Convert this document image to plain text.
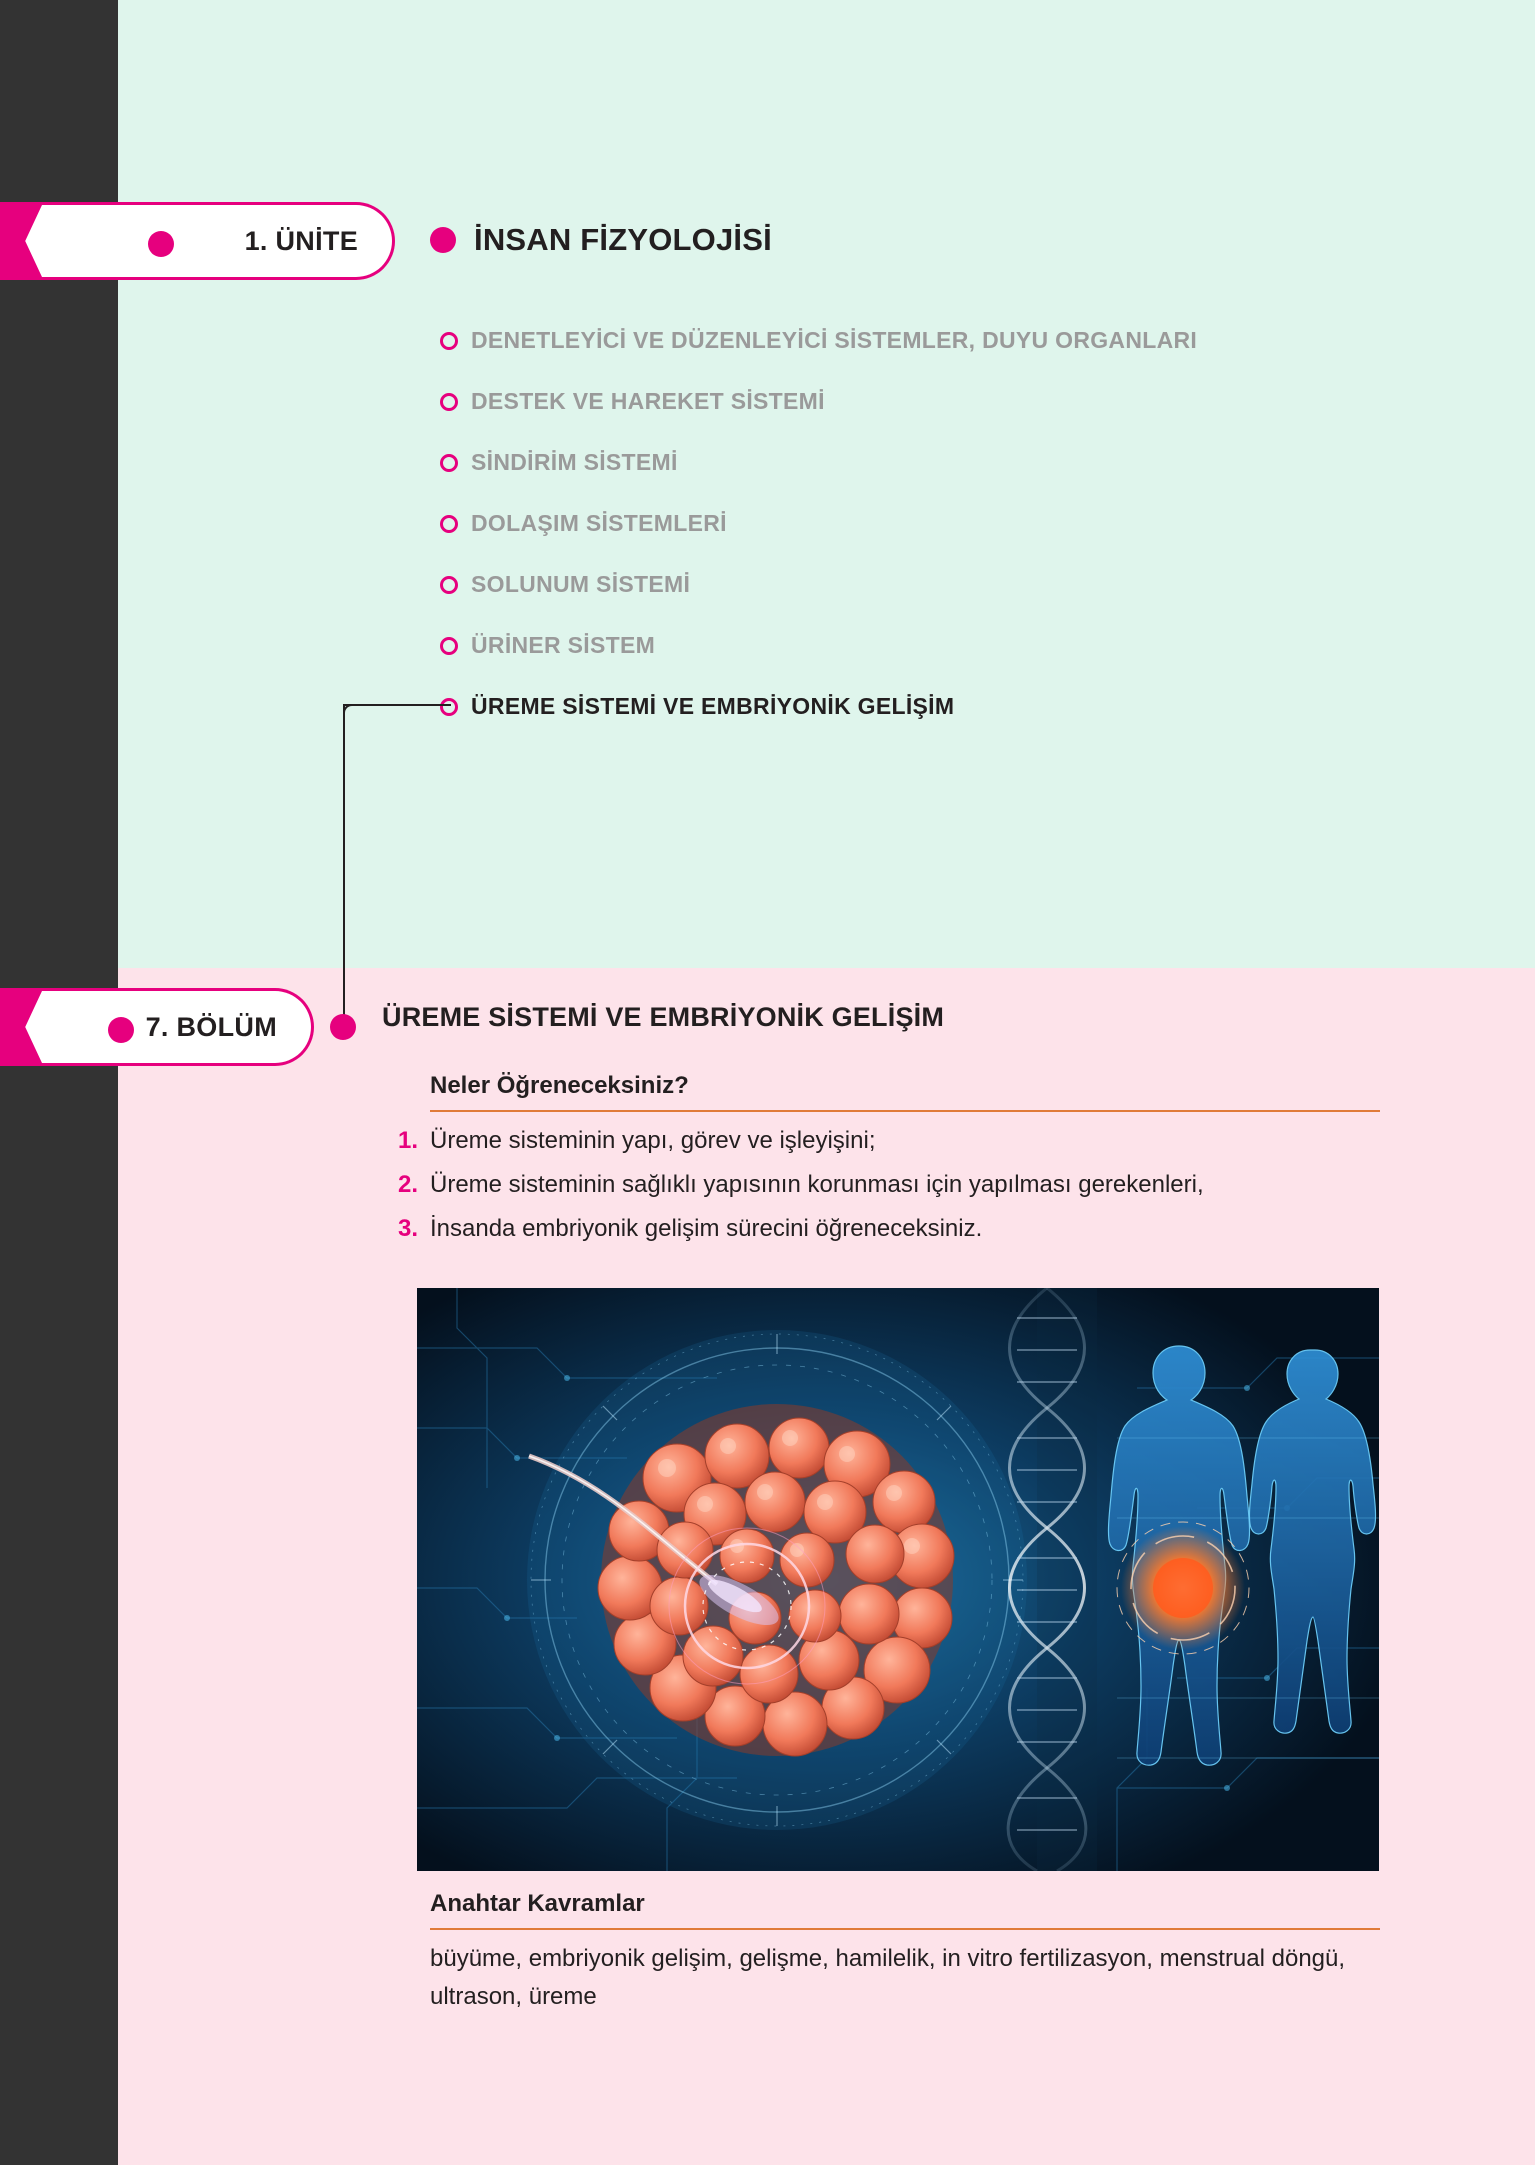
1. ÜNİTE	İNSAN FİZYOLOJİSİ
DENETLEYİCİ VE DÜZENLEYİCİ SİSTEMLER, DUYU ORGANLARI
DESTEK VE HAREKET SİSTEMİ
SİNDİRİM SİSTEMİ
DOLAŞIM SİSTEMLERİ
SOLUNUM SİSTEMİ
ÜRİNER SİSTEM
ÜREME SİSTEMİ VE EMBRİYONİK GELİŞİM
7. BÖLÜM	ÜREME SİSTEMİ VE EMBRİYONİK GELİŞİM
Neler Öğreneceksiniz?
1. Üreme sisteminin yapı, görev ve işleyişini;
2. Üreme sisteminin sağlıklı yapısının korunması için yapılması gerekenleri,
3. İnsanda embriyonik gelişim sürecini öğreneceksiniz.
Anahtar Kavramlar
büyüme, embriyonik gelişim, gelişme, hamilelik, in vitro fertilizasyon, menstrual döngü, ultrason, üreme
